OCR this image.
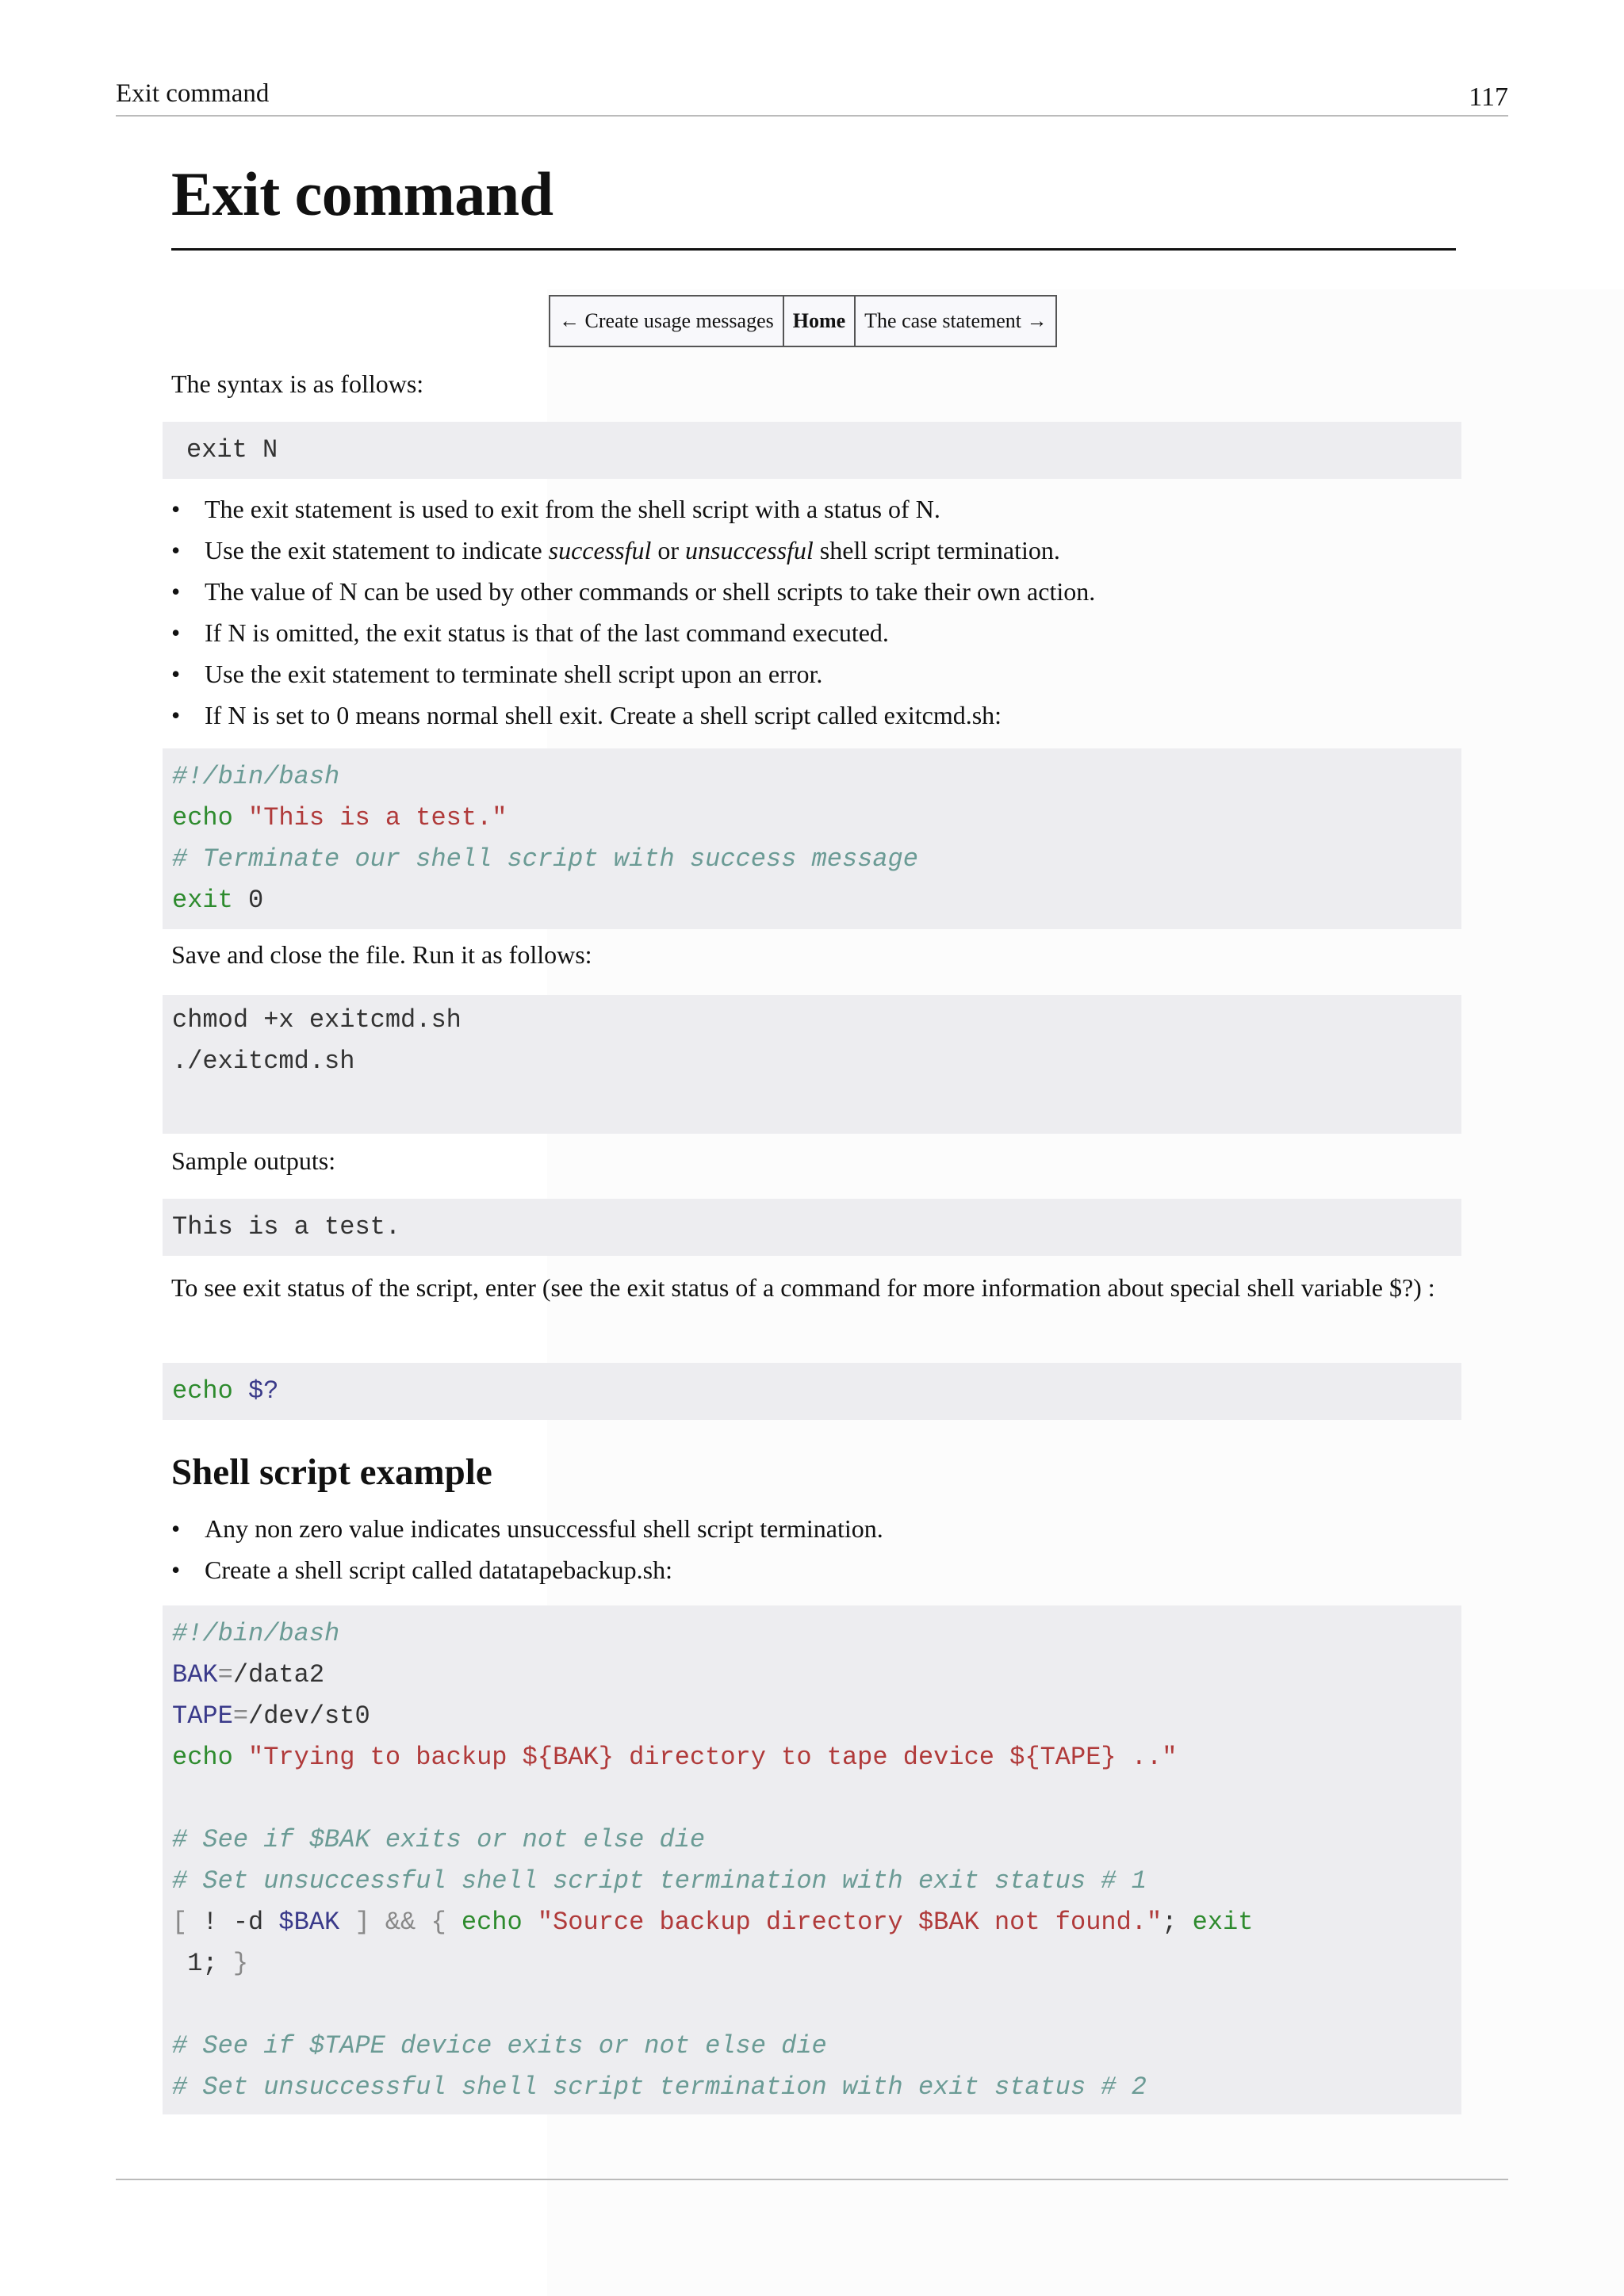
Exit command	117
Exit command
← Create usage messages Home The case statement →
The syntax is as follows:
exit N
• The exit statement is used to exit from the shell script with a status of N.
• Use the exit statement to indicate successful or unsuccessful shell script termination.
• The value of N can be used by other commands or shell scripts to take their own action.
• If N is omitted, the exit status is that of the last command executed.
• Use the exit statement to terminate shell script upon an error.
• If N is set to 0 means normal shell exit. Create a shell script called exitcmd.sh:
#!/bin/bash
echo "This is a test."
# Terminate our shell script with success message
exit 0
Save and close the file. Run it as follows:
chmod +x exitcmd.sh
./exitcmd.sh
Sample outputs:
This is a test.
To see exit status of the script, enter (see the exit status of a command for more information about special shell variable $?) :
echo $?
Shell script example
• Any non zero value indicates unsuccessful shell script termination.
• Create a shell script called datatapebackup.sh:
#!/bin/bash
BAK=/data2
TAPE=/dev/st0
echo "Trying to backup ${BAK} directory to tape device ${TAPE} .."
# See if $BAK exits or not else die
# Set unsuccessful shell script termination with exit status # 1
[ ! -d $BAK ] && { echo "Source backup directory $BAK not found."; exit
1; }
# See if $TAPE device exits or not else die
# Set unsuccessful shell script termination with exit status # 2
